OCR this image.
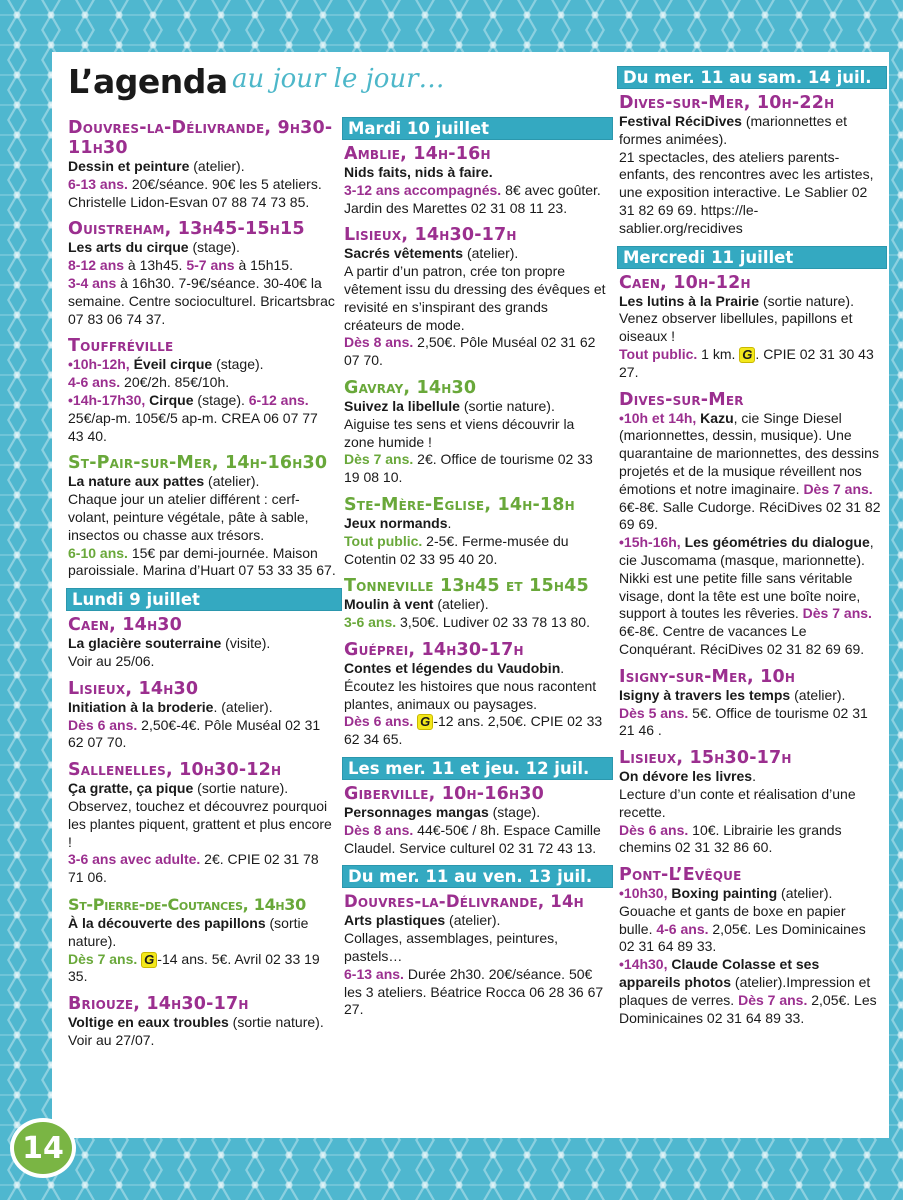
L’agenda au jour le jour…
Douvres-la-Délivrande, 9h30-11h30
Dessin et peinture (atelier).
6-13 ans. 20€/séance. 90€ les 5 ateliers. Christelle Lidon-Esvan 07 88 74 73 85.
Ouistreham, 13h45-15h15
Les arts du cirque (stage).
8-12 ans à 13h45. 5-7 ans à 15h15.
3-4 ans à 16h30. 7-9€/séance. 30-40€ la semaine. Centre socioculturel. Bricartsbrac 07 83 06 74 37.
Touffréville
•10h-12h, Éveil cirque (stage).
4-6 ans. 20€/2h. 85€/10h.
•14h-17h30, Cirque (stage). 6-12 ans. 25€/ap-m. 105€/5 ap-m. CREA 06 07 77 43 40.
St-Pair-sur-Mer, 14h-16h30
La nature aux pattes (atelier).
Chaque jour un atelier différent : cerf-volant, peinture végétale, pâte à sable, insectos ou chasse aux trésors.
6-10 ans. 15€ par demi-journée. Maison paroissiale. Marina d’Huart 07 53 33 35 67.
Lundi 9 juillet
Caen, 14h30
La glacière souterraine (visite).
Voir au 25/06.
Lisieux, 14h30
Initiation à la broderie. (atelier).
Dès 6 ans. 2,50€-4€. Pôle Muséal 02 31 62 07 70.
Sallenelles, 10h30-12h
Ça gratte, ça pique (sortie nature).
Observez, touchez et découvrez pourquoi les plantes piquent, grattent et plus encore !
3-6 ans avec adulte. 2€. CPIE 02 31 78 71 06.
St-Pierre-de-Coutances, 14h30
À la découverte des papillons (sortie nature).
Dès 7 ans. G -14 ans. 5€. Avril 02 33 19 35.
Briouze, 14h30-17h
Voltige en eaux troubles (sortie nature). Voir au 27/07.
Mardi 10 juillet
Amblie, 14h-16h
Nids faits, nids à faire.
3-12 ans accompagnés. 8€ avec goûter. Jardin des Marettes 02 31 08 11 23.
Lisieux, 14h30-17h
Sacrés vêtements (atelier).
A partir d’un patron, crée ton propre vêtement issu du dressing des évêques et revisité en s’inspirant des grands créateurs de mode.
Dès 8 ans. 2,50€. Pôle Muséal 02 31 62 07 70.
Gavray, 14h30
Suivez la libellule (sortie nature).
Aiguise tes sens et viens découvrir la zone humide !
Dès 7 ans. 2€. Office de tourisme 02 33 19 08 10.
Ste-Mère-Eglise, 14h-18h
Jeux normands.
Tout public. 2-5€. Ferme-musée du Cotentin 02 33 95 40 20.
Tonneville 13h45 et 15h45
Moulin à vent (atelier).
3-6 ans. 3,50€. Ludiver 02 33 78 13 80.
Guéprei, 14h30-17h
Contes et légendes du Vaudobin.
Écoutez les histoires que nous racontent plantes, animaux ou paysages.
Dès 6 ans. G -12 ans. 2,50€. CPIE 02 33 62 34 65.
Les mer. 11 et jeu. 12 juil.
Giberville, 10h-16h30
Personnages mangas (stage).
Dès 8 ans. 44€-50€ / 8h. Espace Camille Claudel. Service culturel 02 31 72 43 13.
Du mer. 11 au ven. 13 juil.
Douvres-la-Délivrande, 14h
Arts plastiques (atelier).
Collages, assemblages, peintures, pastels…
6-13 ans. Durée 2h30. 20€/séance. 50€ les 3 ateliers. Béatrice Rocca 06 28 36 67 27.
Du mer. 11 au sam. 14 juil.
Dives-sur-Mer, 10h-22h
Festival RéciDives (marionnettes et formes animées).
21 spectacles, des ateliers parents-enfants, des rencontres avec les artistes, une exposition interactive. Le Sablier 02 31 82 69 69. https://le-sablier.org/recidives
Mercredi 11 juillet
Caen, 10h-12h
Les lutins à la Prairie (sortie nature).
Venez observer libellules, papillons et oiseaux !
Tout public. 1 km. G . CPIE 02 31 30 43 27.
Dives-sur-Mer
•10h et 14h, Kazu, cie Singe Diesel (marionnettes, dessin, musique). Une quarantaine de marionnettes, des dessins projetés et de la musique réveillent nos émotions et notre imaginaire. Dès 7 ans. 6€-8€. Salle Cudorge. RéciDives 02 31 82 69 69.
•15h-16h, Les géométries du dialogue, cie Juscomama (masque, marionnette). Nikki est une petite fille sans véritable visage, dont la tête est une boîte noire, support à toutes les rêveries. Dès 7 ans. 6€-8€. Centre de vacances Le Conquérant. RéciDives 02 31 82 69 69.
Isigny-sur-Mer, 10h
Isigny à travers les temps (atelier).
Dès 5 ans. 5€. Office de tourisme 02 31 21 46 .
Lisieux, 15h30-17h
On dévore les livres.
Lecture d’un conte et réalisation d’une recette.
Dès 6 ans. 10€. Librairie les grands chemins 02 31 32 86 60.
Pont-L’Evêque
•10h30, Boxing painting (atelier). Gouache et gants de boxe en papier bulle. 4-6 ans. 2,05€. Les Dominicaines 02 31 64 89 33.
•14h30, Claude Colasse et ses appareils photos (atelier).Impression et plaques de verres. Dès 7 ans. 2,05€. Les Dominicaines 02 31 64 89 33.
14
